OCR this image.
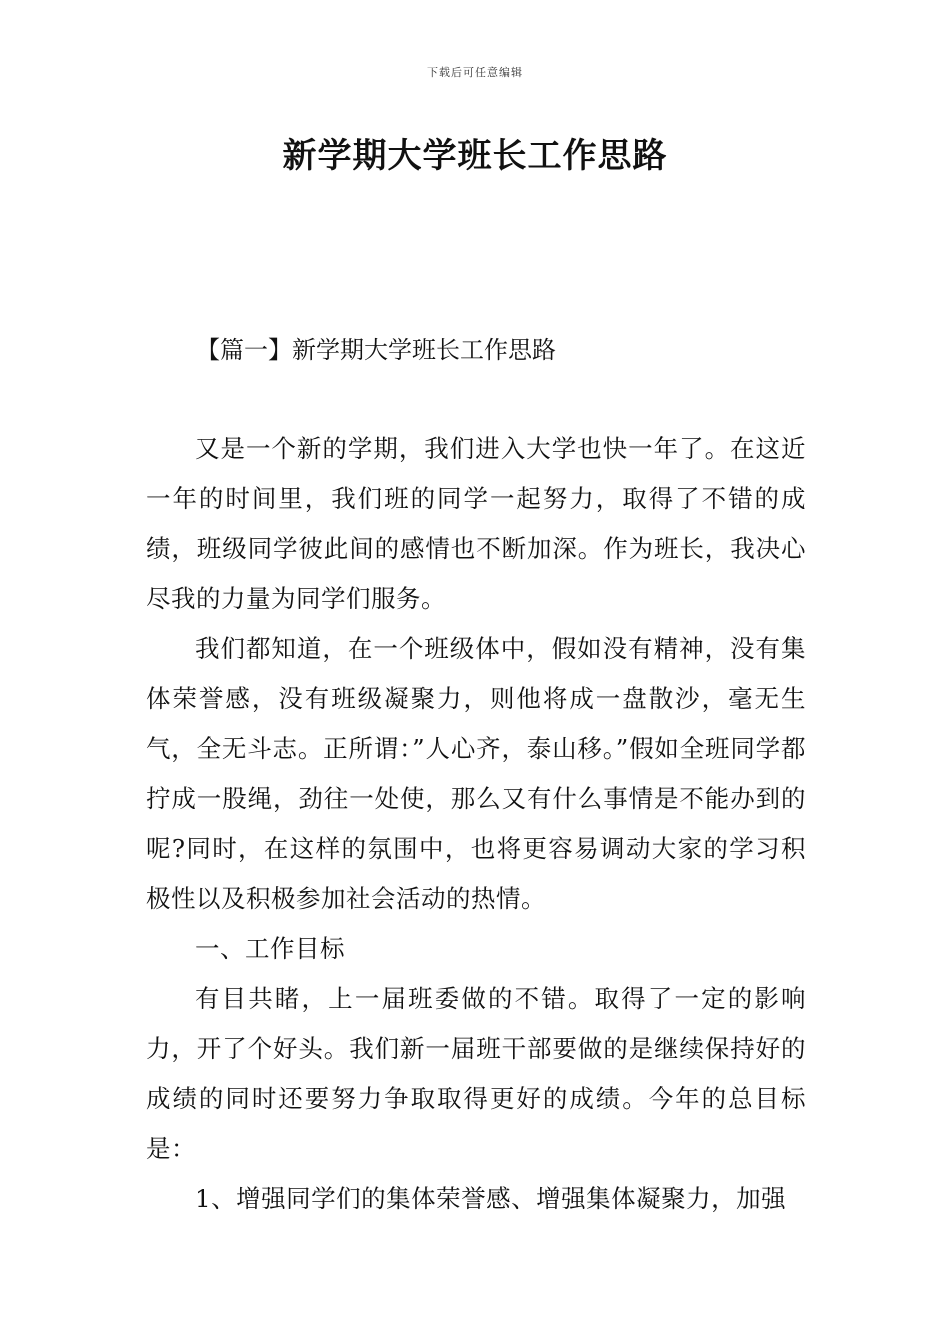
下载后可任意编辑
新学期大学班长工作思路
【篇一】新学期大学班长工作思路

又是一个新的学期，我们进入大学也快一年了。在这近一年的时间里，我们班的同学一起努力，取得了不错的成绩，班级同学彼此间的感情也不断加深。作为班长，我决心尽我的力量为同学们服务。

我们都知道，在一个班级体中，假如没有精神，没有集体荣誉感，没有班级凝聚力，则他将成一盘散沙，毫无生气，全无斗志。正所谓：”人心齐，泰山移。”假如全班同学都拧成一股绳，劲往一处使，那么又有什么事情是不能办到的呢?同时，在这样的氛围中，也将更容易调动大家的学习积极性以及积极参加社会活动的热情。

一、工作目标

有目共睹，上一届班委做的不错。取得了一定的影响力，开了个好头。我们新一届班干部要做的是继续保持好的成绩的同时还要努力争取取得更好的成绩。今年的总目标是：

1、增强同学们的集体荣誉感、增强集体凝聚力，加强
